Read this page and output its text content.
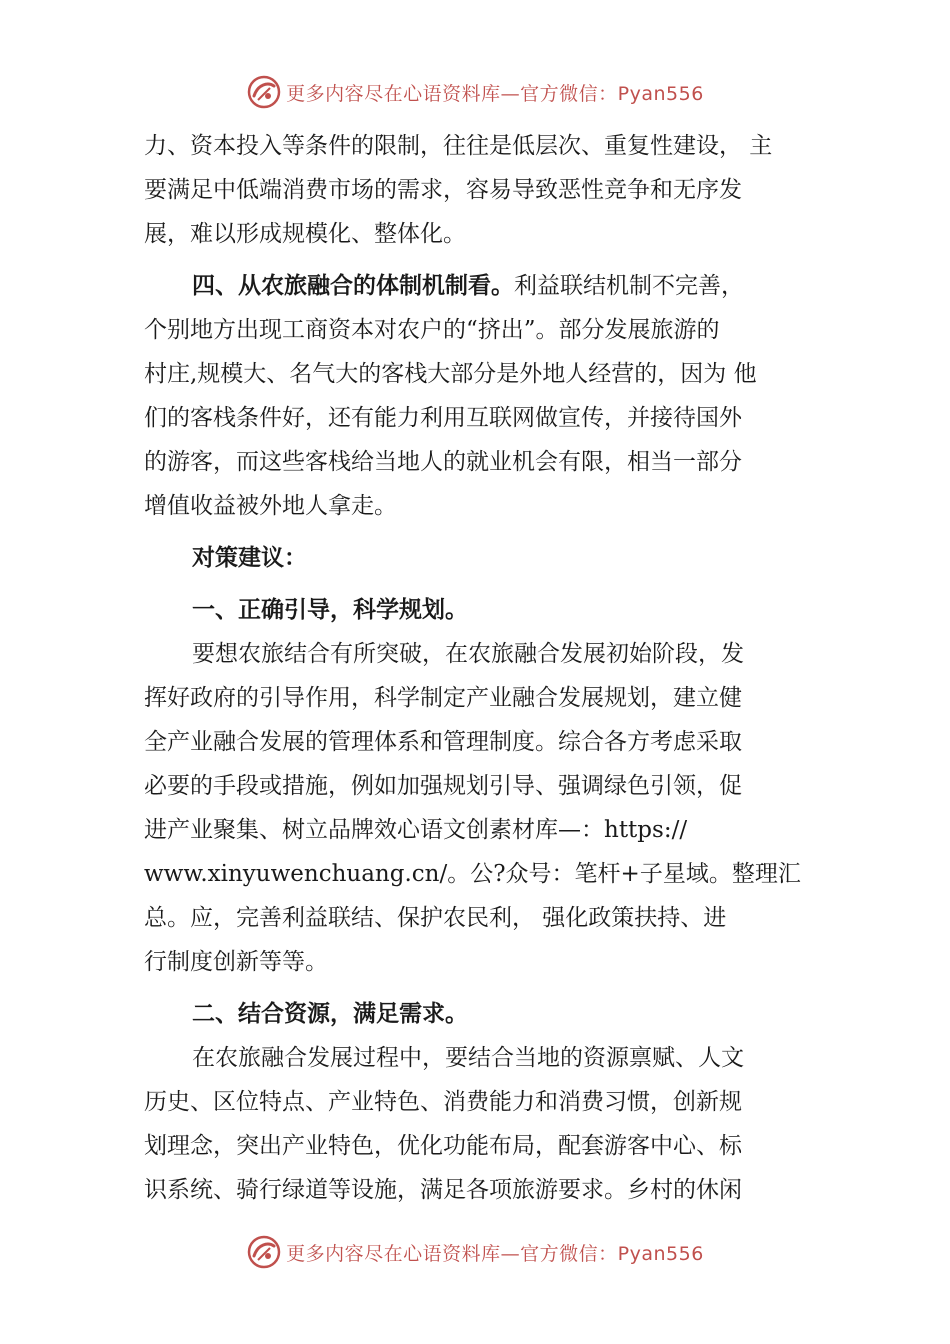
更多内容尽在心语资料库—官方微信：Pyan556
力、资本投入等条件的限制，往往是低层次、重复性建设， 主
要满足中低端消费市场的需求，容易导致恶性竞争和无序发
展，难以形成规模化、整体化。
四、从农旅融合的体制机制看。利益联结机制不完善，
个别地方出现工商资本对农户的“挤出”。部分发展旅游的
村庄,规模大、名气大的客栈大部分是外地人经营的，因为 他
们的客栈条件好，还有能力利用互联网做宣传，并接待国外
的游客，而这些客栈给当地人的就业机会有限，相当一部分
增值收益被外地人拿走。
对策建议：
一、正确引导，科学规划。
要想农旅结合有所突破，在农旅融合发展初始阶段，发
挥好政府的引导作用，科学制定产业融合发展规划，建立健
全产业融合发展的管理体系和管理制度。综合各方考虑采取
必要的手段或措施，例如加强规划引导、强调绿色引领，促
进产业聚集、树立品牌效心语文创素材库—：https://
www.xinyuwenchuang.cn/。公?众号：笔杆+子星域。整理汇
总。应，完善利益联结、保护农民利， 强化政策扶持、进
行制度创新等等。
二、结合资源，满足需求。
在农旅融合发展过程中，要结合当地的资源禀赋、人文
历史、区位特点、产业特色、消费能力和消费习惯，创新规
划理念，突出产业特色，优化功能布局，配套游客中心、标
识系统、骑行绿道等设施，满足各项旅游要求。乡村的休闲
更多内容尽在心语资料库—官方微信：Pyan556
